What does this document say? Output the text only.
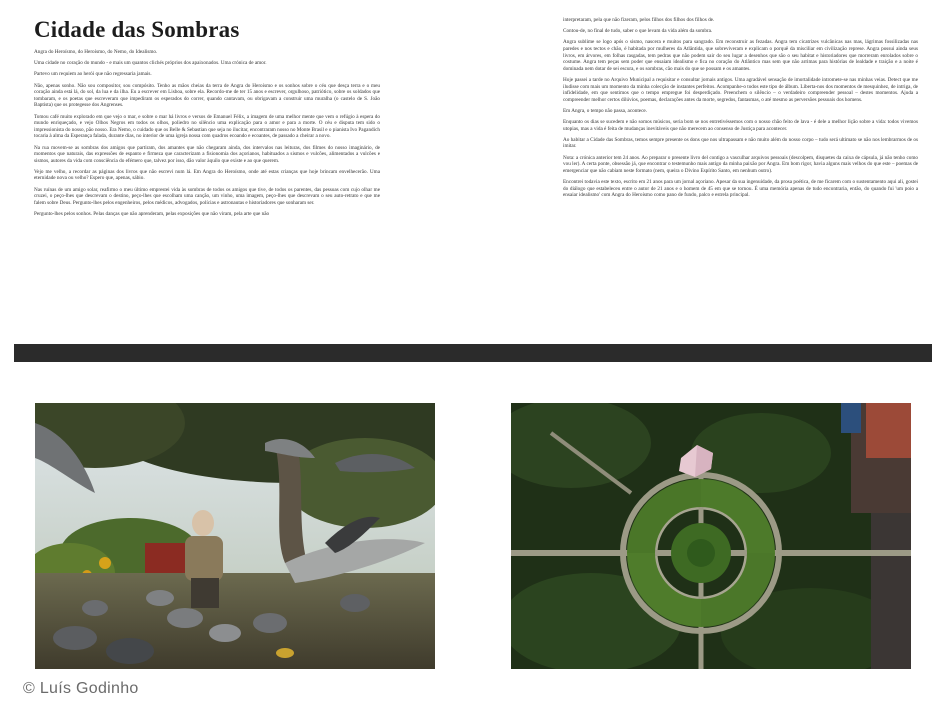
Cidade das Sombras

Angra do Heroísmo, do Heroísmo, do Nemo, do Idealismo.

Uma cidade no coração do mundo - e mais um quantos clichés próprios dos apaixonados. Uma crónica de amor.

Partevo um requiem ao herói que não regressaria jamais.

Não, apenas sonho. Não sou compositor, sou compósito. Tenho as mãos cheias da terra de Angra do Heroísmo e os sonhos sobre o céu que desça terra e o meu coração ainda está lá, do sol, da lua e da ilha. Eu a escrever em Lisboa, sobre ela. Recordo-me de ter 15 anos e escrever, orgulhoso, patriótico, sobre os soldados que tombaram, e os poetas que escreveram que impediram os esperados do correr, quando cantavam, ou obrigavam a construir uma muralha (o castelo de S. João Baptista) que os protegesse dos Angrenses.

Tomou café muito explorado em que vejo o mar, e sobre o mar há livros e versos de Emanuel Félix, a imagem de uma melhor mente que vem o refúgio à espera do mundo enriqueçado, e vejo Olhos Negros em todos os olhos, poliedro no silêncio uma explicação para o amor e para a morte. O céu e disputa tem sido o impressionista do nosso, pão nosso. Era Nemo, o cuidado que os Belle & Sebastian que seja no ilucitar, encontraram nosso no Monte Brasil e o pianista Ivo Pagandich tocaria à alma da Esperança falada, durante dias, no interior de uma igreja nossa com quadros ecoando e ecoantes, de passado a cheirar a novo.

Na rua movem-se as sombras dos amigos que partiram, dos amantes que não chegaram ainda, dos intervalos nas leituras, dos filmes do nosso imaginário, de momentos que naturais, das expressões de espanto e firmeza que caracterizam a fisionomia dos açorianos, habituados a sismos e vulcões, alimentados a vulcões e sismos, autores da vida com consciência do efémero que, talvez por isso, dão valor àquilo que existe e ao que querem.

Vejo me velho, a recordar as páginas dos livros que não escrevi num lá. Em Angra do Heroísmo, onde até estas crianças que hoje brincam envelhecerão. Uma eternidade nova ou velho? Espero que, apenas, sábio.

Nas ruínas de um amigo solar, reafirmo o meu último emprestei vida às sombras de todos os amigos que tive, de todos os parentes, das pessoas com cujo olhar me cruzei, o peço-lhes que descrevam o destino, peço-lhes que escolham uma canção, um vinho, uma imagem, peço-lhes que descrevam o seu auto-retrato e que me falem sobre Deus. Pergunto-lhes pelos engenheiros, pelos médicos, advogados, polícias e astronautas e historiadores que sonharam ser.

Pergunto-lhes pelos sonhos. Pelas danças que não aprenderam, pelas exposições que não viram, pela arte que não

interpretaram, pela que não fizeram, pelos filhos dos filhos dos filhos de.

Contou-de, no final de tudo, saber o que levam da vida além da sombra.

Angra sublime se logo após o sismo, nascera e muitos para sangrado. Em reconstruir as fezadas. Angra tem cicatrizes vulcânicas nas mas, lágrimas fossilizadas nas paredes e nos tectos e chão, é habitada por mulheres da Atlântida, que sobreviveram e explicam o porquê da misciliar em civilização represe. Angra possui ainda seus livros, em árvores, em folhas rasgadas, tem pedras que não podem sair do seu lugar a desenhos que são o seu habitat e historiadores que morreram enrolados sobre o costume. Angra tem peças sem poder que ensaiam idealismo e fica no coração do Atlântico mas sem que não arrimas para histórias de lealdade e traição e a noite é dominada nem dotar de sei escura, e os sombras, cão mais do que se possam e os amantes.

Hoje passei a tarde no Arquivo Municipal a requisitar e consultar jornais antigos. Uma agradável sensação de imortalidade intromete-se nas minhas veias. Detect que me iludisse com mais um momento da minha colecção de instantes perfeitos. Acompanhe-o todos este tipo de álbum. Liberta-nos dos momentos de mesquinhez, de intriga, de infidelidade, em que sentimos que o tempo empregue foi desperdiçado. Preenchem o silêncio – o verdadeiro compreender pessoal – destes momentos. Ajuda a compreender melhor certos dilúvios, poemas, declarações antes da morte, segredos, fantasmas, o até mesmo as perversões pessoais dos homens.

Em Angra, o tempo não passa, acontece.

Enquanto os dias se sucedem e não somos músicos, seria bom se nos entretivéssemos com o nosso chão feito de lava - é dele a melhor lição sobre a vida: todos vivemos utopias, mas a vida é feita de mudanças inevitáveis que não merecem ao consenso de Justiça para acontecer.

Ao habitar a Cidade das Sombras, temos sempre presente os dons que nos ultrapassam e não muito além do nosso corpo – tudo será ultimato se não nos lembrarmos de os imitar.

Nota: a crónica anterior tem 24 anos. Ao preparar o presente livro del contigo a vasculhar arquivos pessoais (descolpem, disquetes da caixa de cápsula, já não tenho como vou ler). A certa ponte, obsessão já, que encontrar o testemunho mais antigo da minha paixão por Angra. Em bom rigor, havia alguns mais velhos do que este – poemas de emergenciar que não cabiam neste formato (nem, queira o Divino Espírito Santo, em nenhum outro).

Encontrei todavia este texto, escrito em 21 anos para um jornal açoriano. Apesar da sua ingenuidade, da prosa poética, de me ficarem com o sustentamento aqui ali, gostei do diálogo que estabeleceu entre o autor de 21 anos e o homem de 45 em que se tornou. É uma memória apenas de tudo encontraria, então, do quando fui 'um poio a ensaiar idealismo' com Angra do Heroísmo como pano de fundo, palco e estrela principal.

© Luís Godinho
